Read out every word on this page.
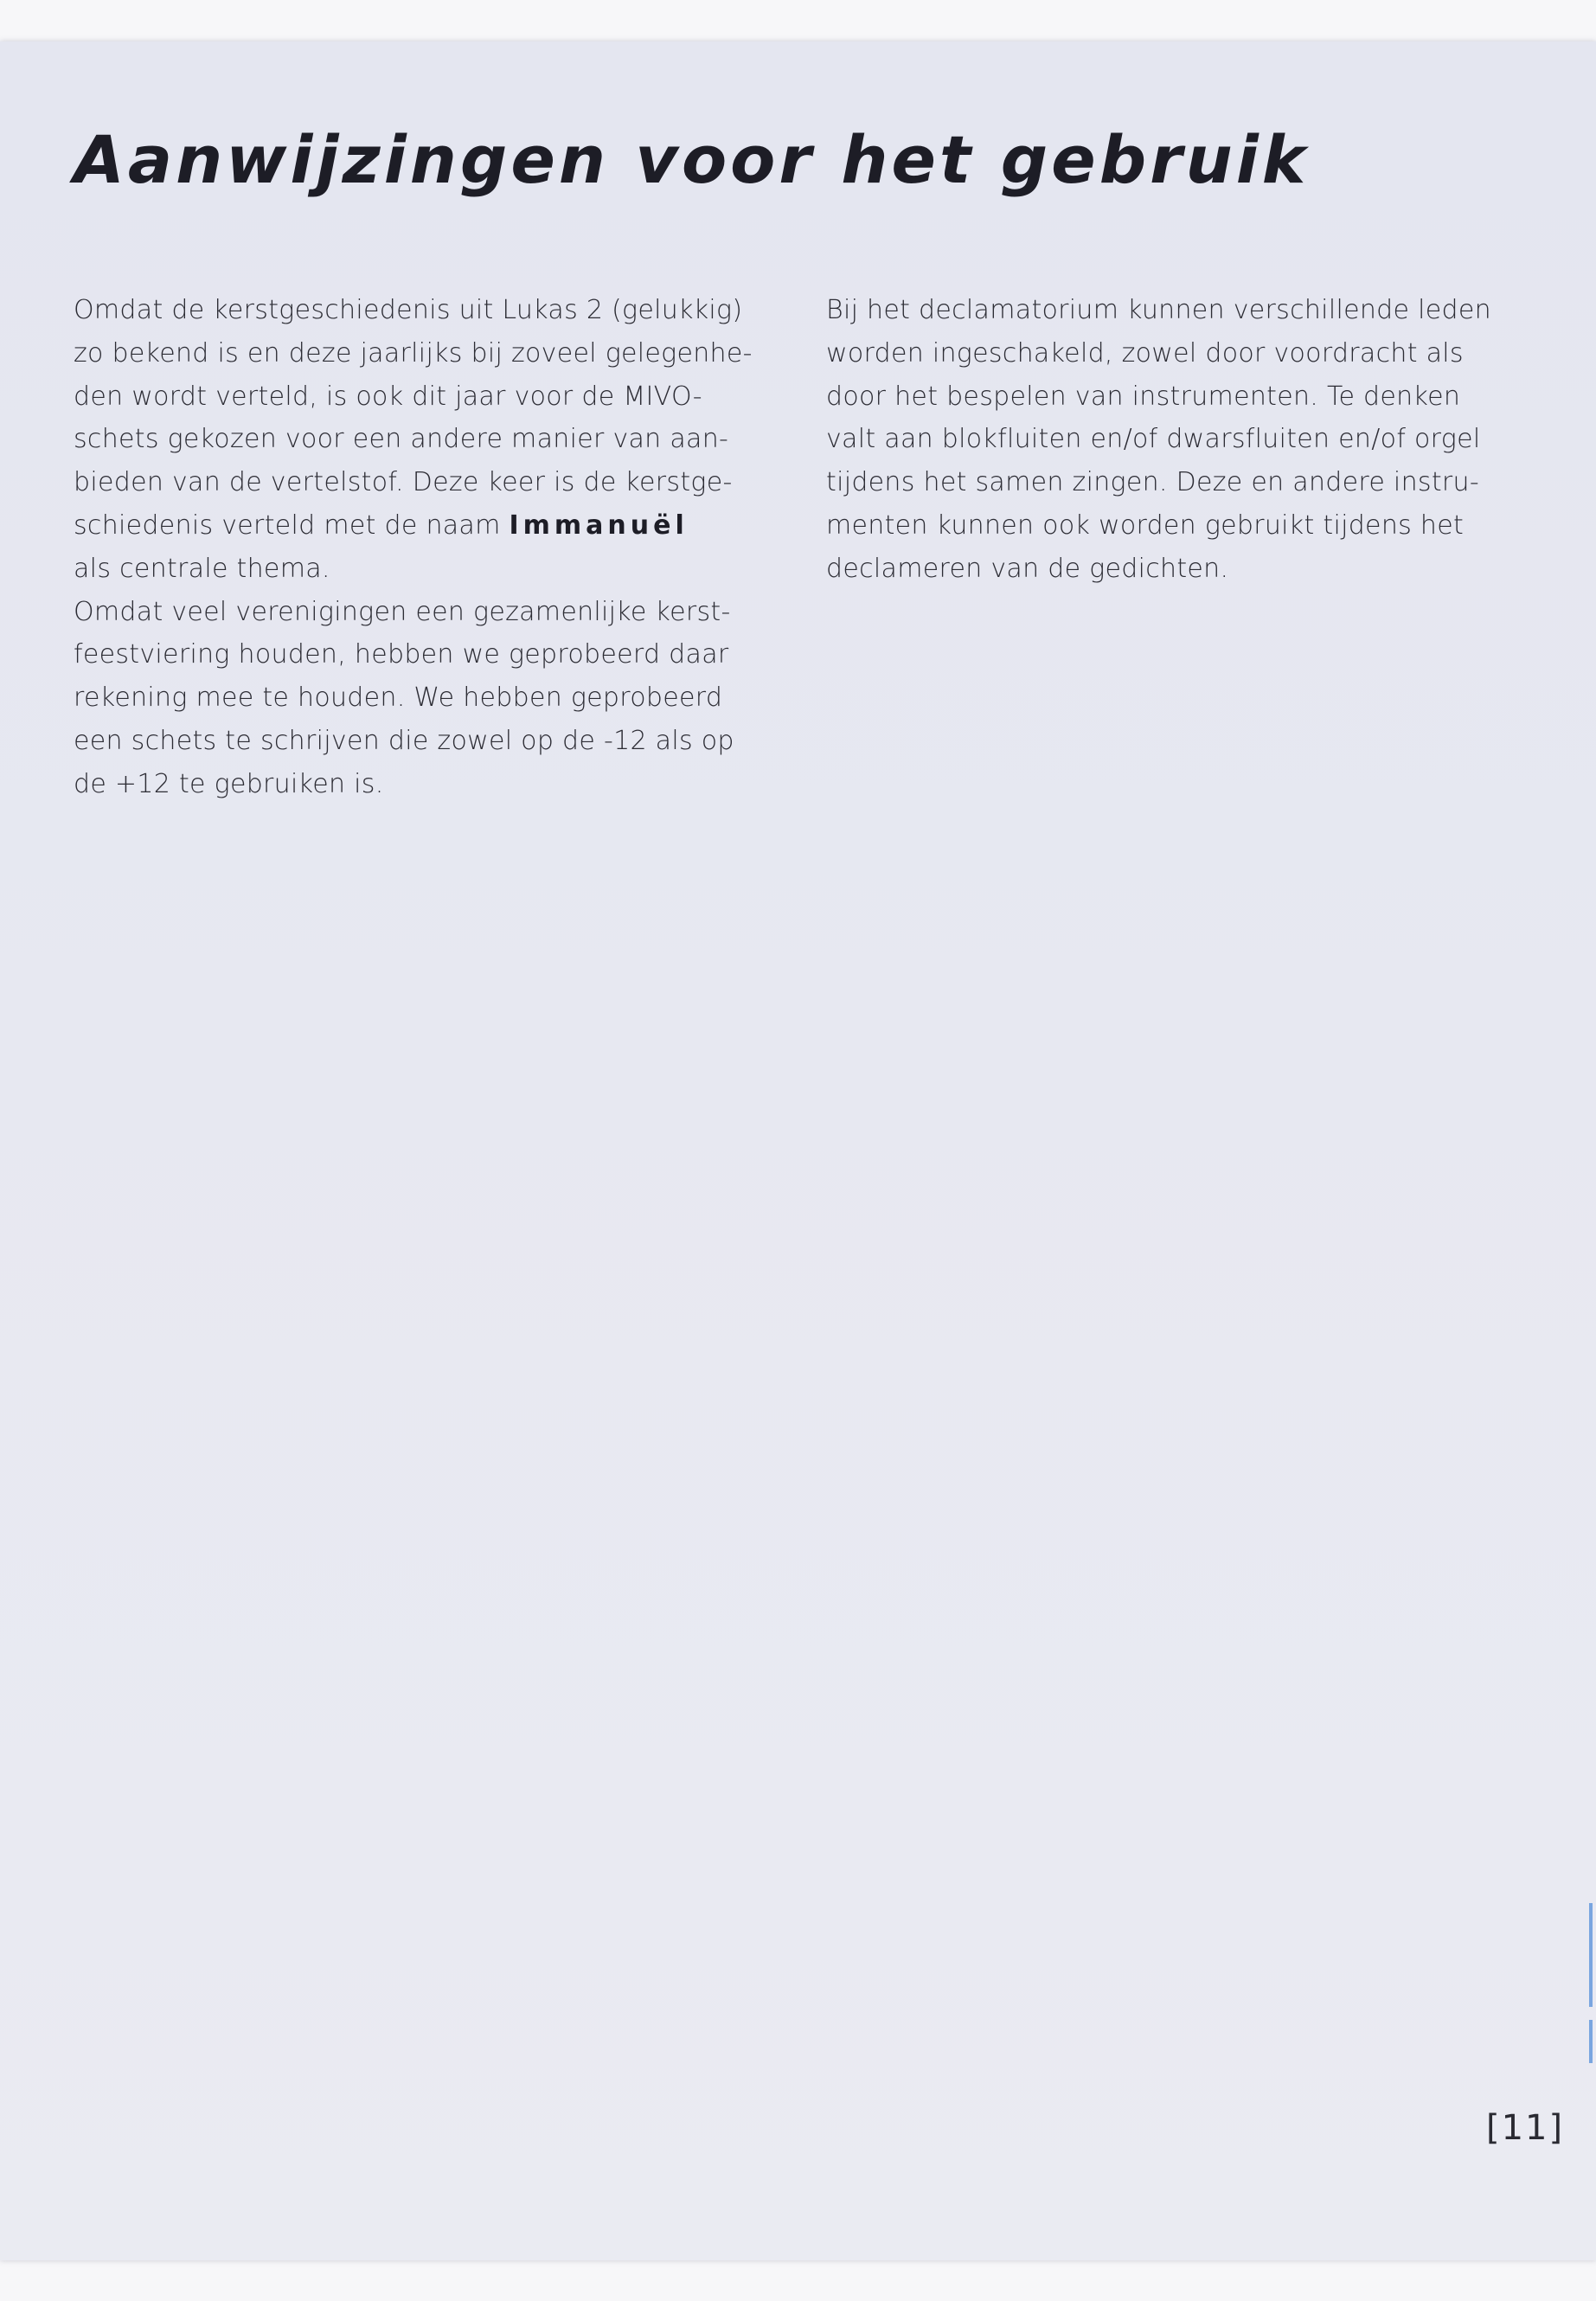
Aanwijzingen voor het gebruik
Omdat de kerstgeschiedenis uit Lukas 2 (gelukkig)
zo bekend is en deze jaarlijks bij zoveel gelegenhe-
den wordt verteld, is ook dit jaar voor de MIVO-
schets gekozen voor een andere manier van aan-
bieden van de vertelstof. Deze keer is de kerstge-
schiedenis verteld met de naam Immanuël
als centrale thema.
Omdat veel verenigingen een gezamenlijke kerst-
feestviering houden, hebben we geprobeerd daar
rekening mee te houden. We hebben geprobeerd
een schets te schrijven die zowel op de -12 als op
de +12 te gebruiken is.
Bij het declamatorium kunnen verschillende leden
worden ingeschakeld, zowel door voordracht als
door het bespelen van instrumenten. Te denken
valt aan blokfluiten en/of dwarsfluiten en/of orgel
tijdens het samen zingen. Deze en andere instru-
menten kunnen ook worden gebruikt tijdens het
declameren van de gedichten.
[11]
